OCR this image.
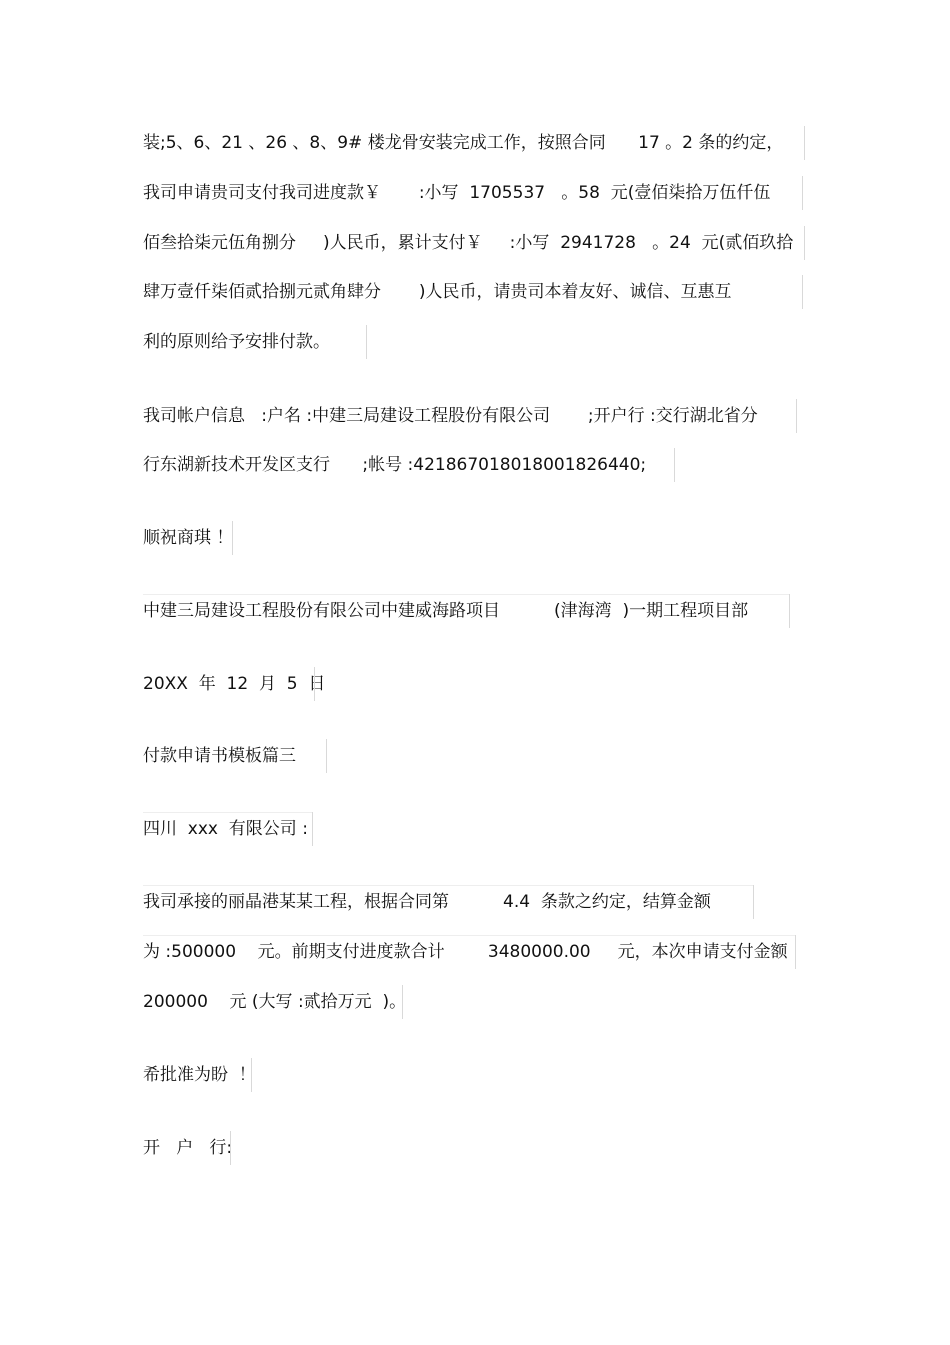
装;5、6、21 、26 、8、9# 楼龙骨安装完成工作，按照合同      17 。2 条的约定，
我司申请贵司支付我司进度款￥       :小写  1705537   。58  元(壹佰柒拾万伍仟伍
佰叁拾柒元伍角捌分     )人民币，累计支付￥     :小写  2941728   。24  元(贰佰玖拾
肆万壹仟柒佰贰拾捌元贰角肆分       )人民币，请贵司本着友好、诚信、互惠互
利的原则给予安排付款。
我司帐户信息   :户名 :中建三局建设工程股份有限公司       ;开户行 :交行湖北省分
行东湖新技术开发区支行      ;帐号 :421867018018001826440;
顺祝商琪 ！
中建三局建设工程股份有限公司中建威海路项目          (津海湾  )一期工程项目部
20XX  年  12  月  5  日
付款申请书模板篇三
四川  xxx  有限公司 :
我司承接的丽晶港某某工程，根据合同第          4.4  条款之约定，结算金额
为 :500000    元。前期支付进度款合计        3480000.00     元，本次申请支付金额
200000    元 (大写 :贰拾万元  )。
希批准为盼  ！
开   户   行:
